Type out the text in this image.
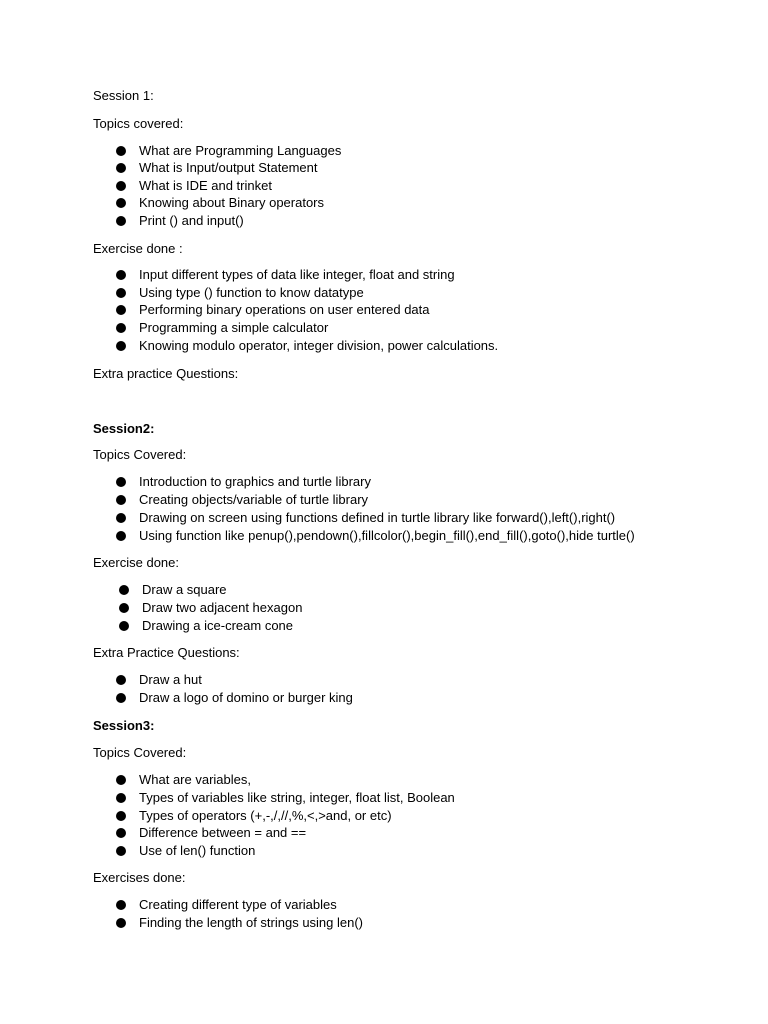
Session 1:
Topics covered:
What are Programming Languages
What is Input/output Statement
What is IDE and trinket
Knowing about Binary operators
Print () and input()
Exercise done :
Input different types of data like integer, float and string
Using type () function to know datatype
Performing binary operations on user entered data
Programming a simple calculator
Knowing modulo operator, integer division, power calculations.
Extra practice Questions:
Session2:
Topics Covered:
Introduction to graphics and turtle library
Creating objects/variable of turtle library
Drawing on screen using functions defined in turtle library like forward(),left(),right()
Using function like penup(),pendown(),fillcolor(),begin_fill(),end_fill(),goto(),hide turtle()
Exercise done:
Draw a square
Draw two adjacent hexagon
Drawing a ice-cream cone
Extra Practice Questions:
Draw a hut
Draw a logo of domino or burger king
Session3:
Topics Covered:
What are variables,
Types of variables like string, integer, float list, Boolean
Types of operators (+,-,/,//,%,<,>and, or etc)
Difference between = and ==
Use of len() function
Exercises done:
Creating different type of variables
Finding the length of strings using len()
